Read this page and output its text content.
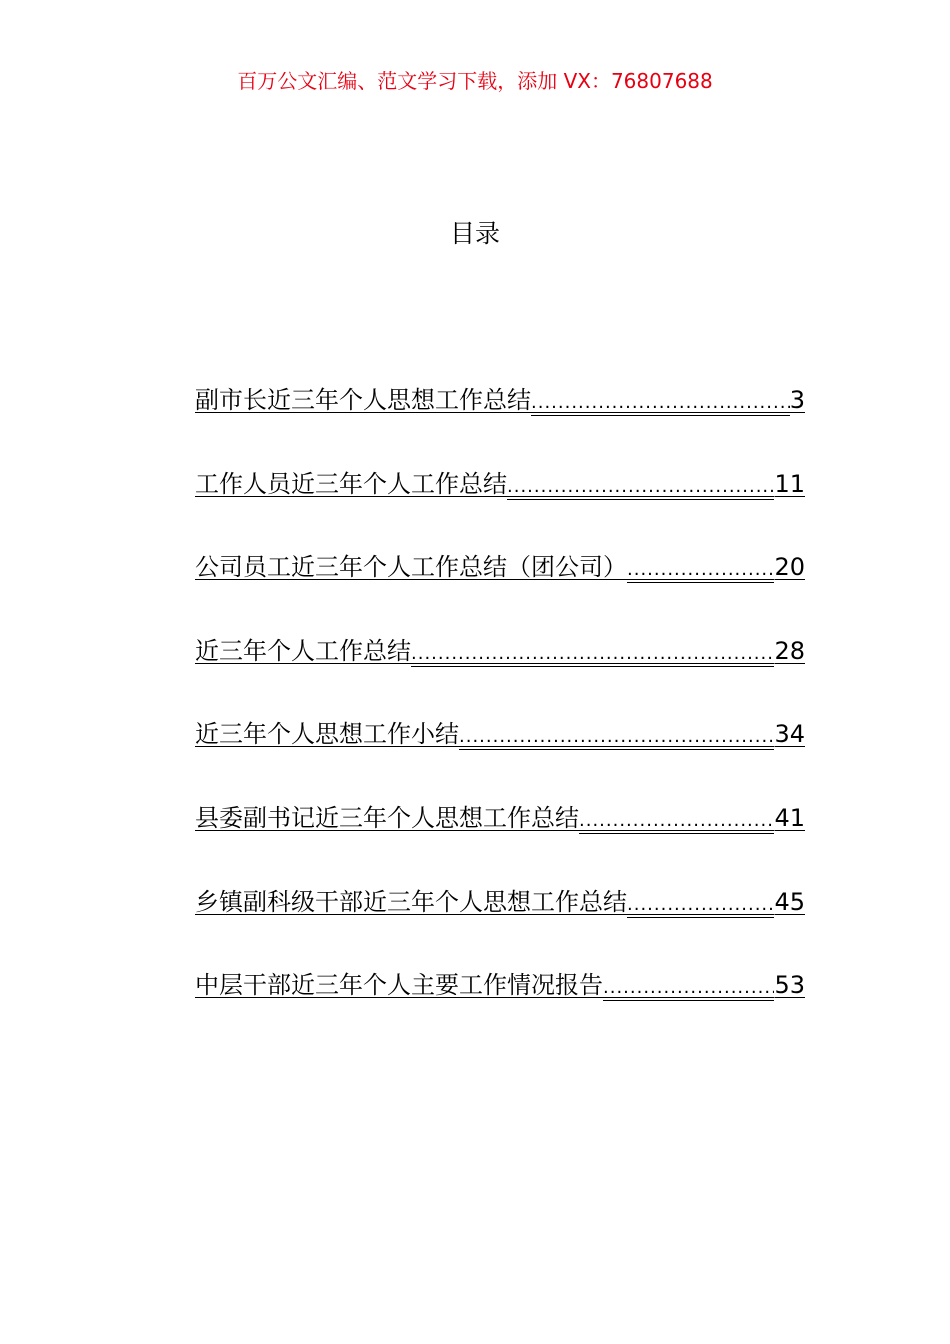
百万公文汇编、范文学习下载，添加 VX：76807688
目录
副市长近三年个人思想工作总结 .....	3
工作人员近三年个人工作总结 .....	11
公司员工近三年个人工作总结（团公司） .....	20
近三年个人工作总结 .....	28
近三年个人思想工作小结 .....	34
县委副书记近三年个人思想工作总结 .....	41
乡镇副科级干部近三年个人思想工作总结 .....	45
中层干部近三年个人主要工作情况报告 .....	53
